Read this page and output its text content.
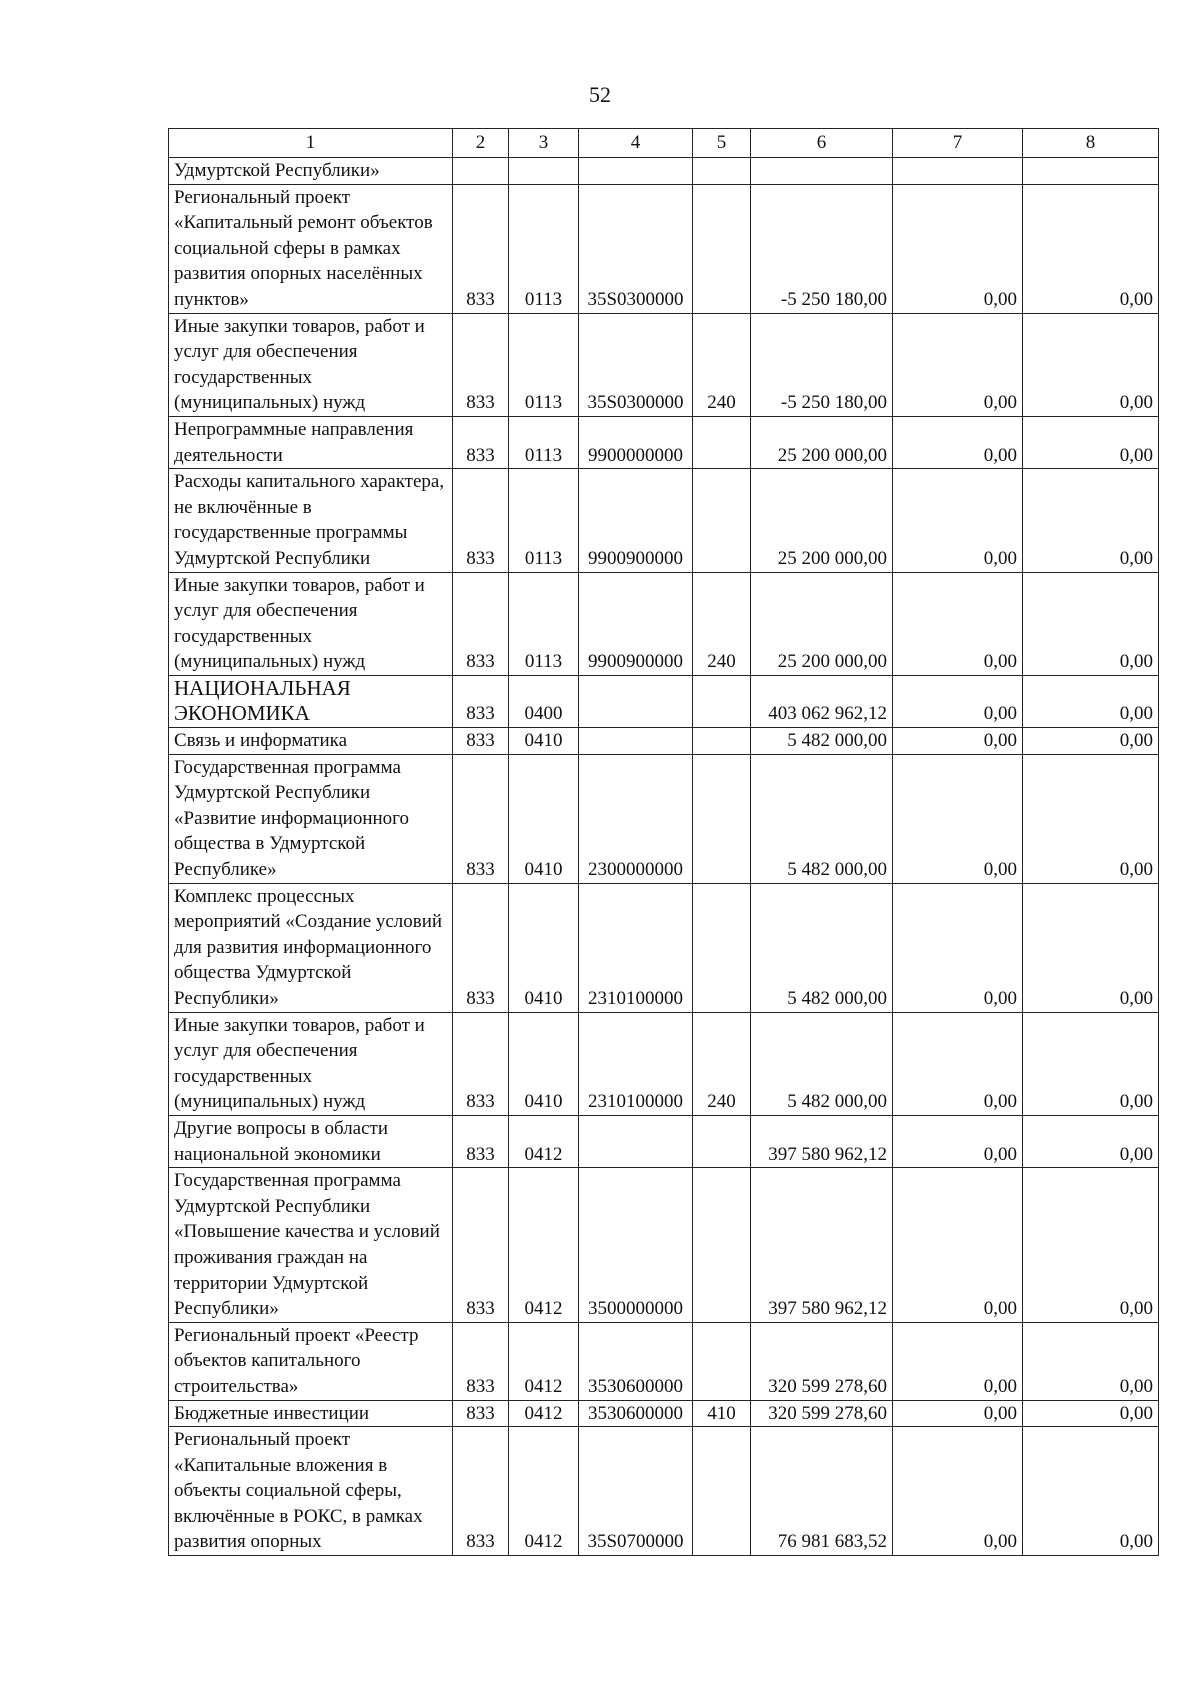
52
1	2	3	4	5	6	7	8
Удмуртской Республики»							
Региональный проект «Капитальный ремонт объектов социальной сферы в рамках развития опорных населённых пунктов»	833	0113	35S0300000		-5 250 180,00	0,00	0,00
Иные закупки товаров, работ и услуг для обеспечения государственных (муниципальных) нужд	833	0113	35S0300000	240	-5 250 180,00	0,00	0,00
Непрограммные направления деятельности	833	0113	9900000000		25 200 000,00	0,00	0,00
Расходы капитального характера, не включённые в государственные программы Удмуртской Республики	833	0113	9900900000		25 200 000,00	0,00	0,00
Иные закупки товаров, работ и услуг для обеспечения государственных (муниципальных) нужд	833	0113	9900900000	240	25 200 000,00	0,00	0,00
НАЦИОНАЛЬНАЯ ЭКОНОМИКА	833	0400			403 062 962,12	0,00	0,00
Связь и информатика	833	0410			5 482 000,00	0,00	0,00
Государственная программа Удмуртской Республики «Развитие информационного общества в Удмуртской Республике»	833	0410	2300000000		5 482 000,00	0,00	0,00
Комплекс процессных мероприятий «Создание условий для развития информационного общества Удмуртской Республики»	833	0410	2310100000		5 482 000,00	0,00	0,00
Иные закупки товаров, работ и услуг для обеспечения государственных (муниципальных) нужд	833	0410	2310100000	240	5 482 000,00	0,00	0,00
Другие вопросы в области национальной экономики	833	0412			397 580 962,12	0,00	0,00
Государственная программа Удмуртской Республики «Повышение качества и условий проживания граждан на территории Удмуртской Республики»	833	0412	3500000000		397 580 962,12	0,00	0,00
Региональный проект «Реестр объектов капитального строительства»	833	0412	3530600000		320 599 278,60	0,00	0,00
Бюджетные инвестиции	833	0412	3530600000	410	320 599 278,60	0,00	0,00
Региональный проект «Капитальные вложения в объекты социальной сферы, включённые в РОКС, в рамках развития опорных	833	0412	35S0700000		76 981 683,52	0,00	0,00
